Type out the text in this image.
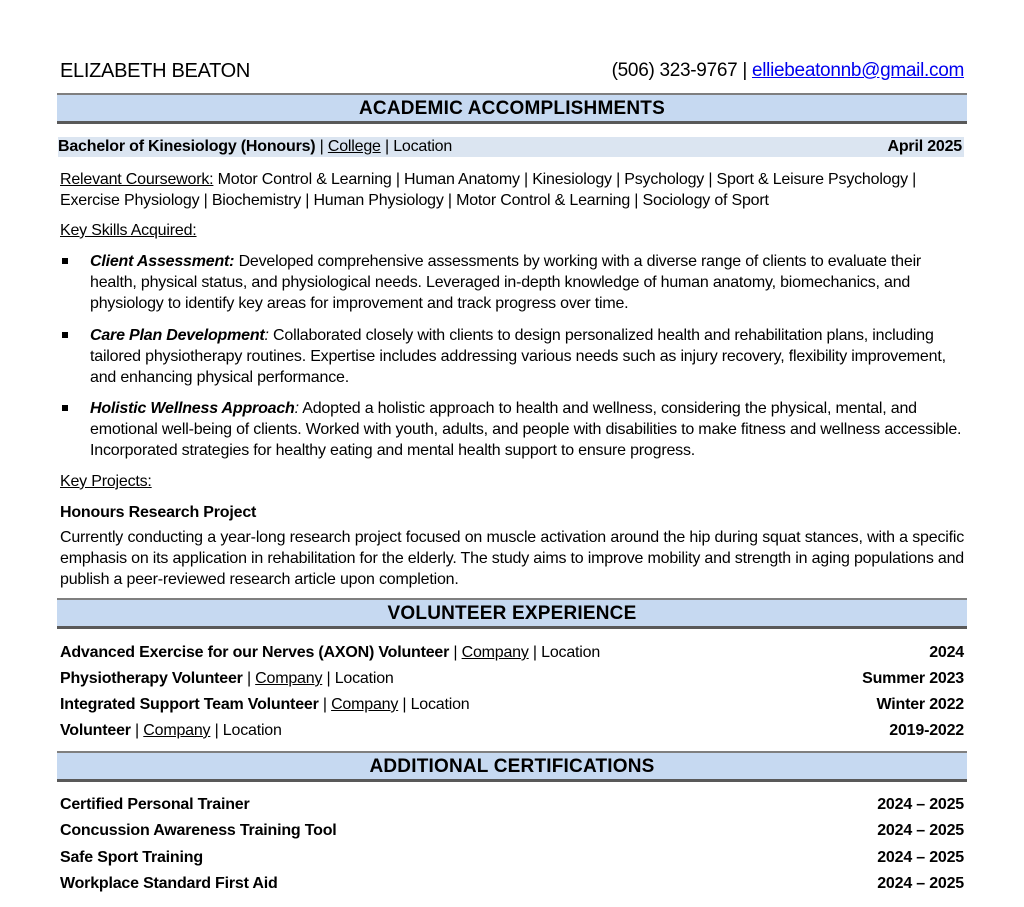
ELIZABETH BEATON	(506) 323-9767 | elliebeatonnb@gmail.com
ACADEMIC ACCOMPLISHMENTS
Bachelor of Kinesiology (Honours) | College | Location	April 2025
Relevant Coursework: Motor Control & Learning | Human Anatomy | Kinesiology | Psychology | Sport & Leisure Psychology | Exercise Physiology | Biochemistry | Human Physiology | Motor Control & Learning | Sociology of Sport
Key Skills Acquired:
Client Assessment: Developed comprehensive assessments by working with a diverse range of clients to evaluate their health, physical status, and physiological needs. Leveraged in-depth knowledge of human anatomy, biomechanics, and physiology to identify key areas for improvement and track progress over time.
Care Plan Development: Collaborated closely with clients to design personalized health and rehabilitation plans, including tailored physiotherapy routines. Expertise includes addressing various needs such as injury recovery, flexibility improvement, and enhancing physical performance.
Holistic Wellness Approach: Adopted a holistic approach to health and wellness, considering the physical, mental, and emotional well-being of clients. Worked with youth, adults, and people with disabilities to make fitness and wellness accessible. Incorporated strategies for healthy eating and mental health support to ensure progress.
Key Projects:
Honours Research Project
Currently conducting a year-long research project focused on muscle activation around the hip during squat stances, with a specific emphasis on its application in rehabilitation for the elderly. The study aims to improve mobility and strength in aging populations and publish a peer-reviewed research article upon completion.
VOLUNTEER EXPERIENCE
Advanced Exercise for our Nerves (AXON) Volunteer | Company | Location	2024
Physiotherapy Volunteer | Company | Location	Summer 2023
Integrated Support Team Volunteer | Company | Location	Winter 2022
Volunteer | Company | Location	2019-2022
ADDITIONAL CERTIFICATIONS
Certified Personal Trainer	2024 – 2025
Concussion Awareness Training Tool	2024 – 2025
Safe Sport Training	2024 – 2025
Workplace Standard First Aid	2024 – 2025
